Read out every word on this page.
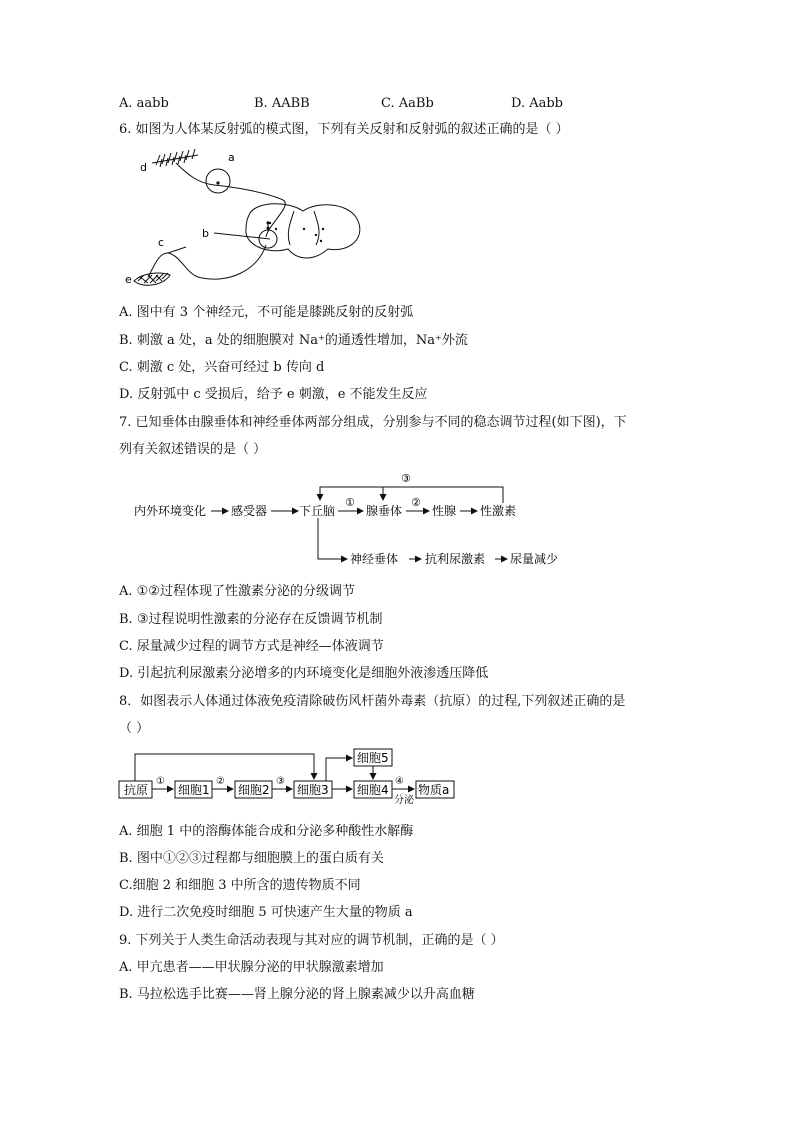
A. aabb	B. AABB	C. AaBb	D. Aabb
6. 如图为人体某反射弧的模式图，下列有关反射和反射弧的叙述正确的是（ ）
a
b
c
d
e
A. 图中有 3 个神经元，不可能是膝跳反射的反射弧
B. 刺激 a 处，a 处的细胞膜对 Na⁺的通透性增加，Na⁺外流
C. 刺激 c 处，兴奋可经过 b 传向 d
D. 反射弧中 c 受损后，给予 e 刺激，e 不能发生反应
7. 已知垂体由腺垂体和神经垂体两部分组成，分别参与不同的稳态调节过程(如下图)，下
列有关叙述错误的是（ ）
内外环境变化 感受器	下丘脑
①
腺垂体
②
性腺 性激素
③
神经垂体 抗利尿激素 尿量减少
A. ①②过程体现了性激素分泌的分级调节
B. ③过程说明性激素的分泌存在反馈调节机制
C. 尿量减少过程的调节方式是神经—体液调节
D. 引起抗利尿激素分泌增多的内环境变化是细胞外液渗透压降低
8．如图表示人体通过体液免疫清除破伤风杆菌外毒素（抗原）的过程,下列叙述正确的是
（ ）
抗原 细胞1 细胞2 细胞3 细胞4 物质a
细胞5
①	②	③	④
分泌
A. 细胞 1 中的溶酶体能合成和分泌多种酸性水解酶
B. 图中①②③过程都与细胞膜上的蛋白质有关
C.细胞 2 和细胞 3 中所含的遗传物质不同
D. 进行二次免疫时细胞 5 可快速产生大量的物质 a
9. 下列关于人类生命活动表现与其对应的调节机制，正确的是（ ）
A. 甲亢患者——甲状腺分泌的甲状腺激素增加
B. 马拉松选手比赛——肾上腺分泌的肾上腺素减少以升高血糖
